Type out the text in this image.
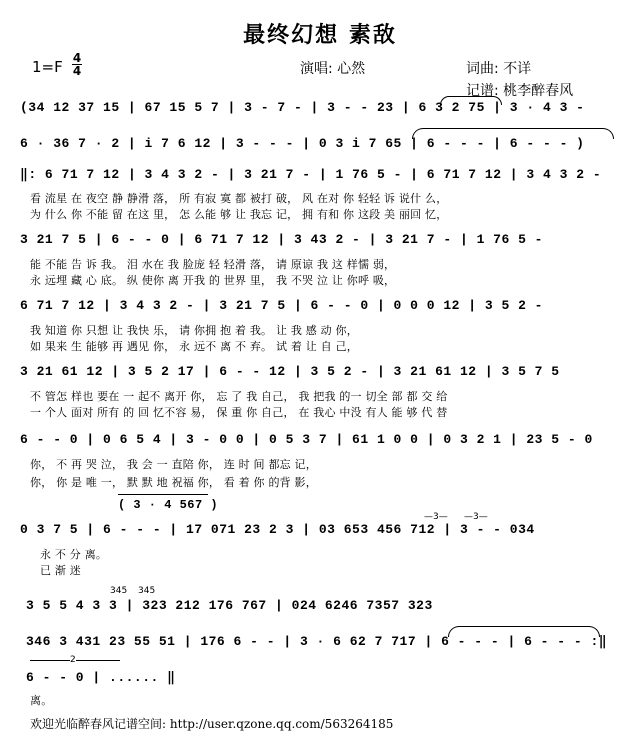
最终幻想 素敌
1=F 4
4	演唱: 心然	词曲: 不详
记谱: 桃李醉春风
(34 12 37 15 | 67 15 5 7 | 3 - 7 - | 3 - - 23 | 6 3 2 75 | 3 · 4 3 -
6 · 36 7 · 2 | i 7 6 12 | 3 - - - | 0 3 i 7 65 | 6 - - - | 6 - - - )
‖: 6 71 7 12 | 3 4 3 2 - | 3 21 7 - | 1 76 5 - | 6 71 7 12 | 3 4 3 2 -
看 流星 在 夜空 静 静滑 落， 所 有寂 寞 都 被打 破， 风 在对 你 轻轻 诉 说什 么，
为 什么 你 不能 留 在这 里， 怎 么能 够 让 我忘 记， 拥 有和 你 这段 美 丽回 忆，
3 21 7 5 | 6 - - 0 | 6 71 7 12 | 3 43 2 - | 3 21 7 - | 1 76 5 -
能 不能 告 诉 我。 泪 水在 我 脸庞 轻 轻滑 落， 请 原谅 我 这 样懦 弱，
永 远埋 藏 心 底。 纵 使你 离 开我 的 世界 里， 我 不哭 泣 让 你呼 吸，
6 71 7 12 | 3 4 3 2 - | 3 21 7 5 | 6 - - 0 | 0 0 0 12 | 3 5 2 -
我 知道 你 只想 让 我快 乐， 请 你拥 抱 着 我。 让 我 感 动 你，
如 果来 生 能够 再 遇见 你， 永 远不 离 不 弃。 试 着 让 自 己，
3 21 61 12 | 3 5 2 17 | 6 - - 12 | 3 5 2 - | 3 21 61 12 | 3 5 7 5
不 管怎 样也 要在 一 起不 离开 你， 忘 了 我 自己， 我 把我 的一 切全 部 都 交 给
一 个人 面对 所有 的 回 忆不容 易， 保 重 你 自己， 在 我心 中没 有人 能 够 代 替
6 - - 0 | 0 6 5 4 | 3 - 0 0 | 0 5 3 7 | 61 1 0 0 | 0 3 2 1 | 23 5 - 0
你， 不 再 哭 泣， 我 会 一 直陪 你， 连 时 间 都忘 记，
你， 你 是 唯 一， 默 默 地 祝福 你， 看 着 你 的背 影，
( 3 · 4 567 )
0 3 7 5 | 6 - - - | 17 071 23 2 3 | 03 653 456 712 | 3 - - 034
—3— —3—
永 不 分 离。
已 渐 迷
345 345
3 5 5 4 3 3 | 323 212 176 767 | 024 6246 7357 323
346 3 431 23 55 51 | 176 6 - - | 3 · 6 62 7 717 | 6 - - - | 6 - - - :‖
2
6 - - 0 | ...... ‖
离。
欢迎光临醉春风记谱空间: http://user.qzone.qq.com/563264185
